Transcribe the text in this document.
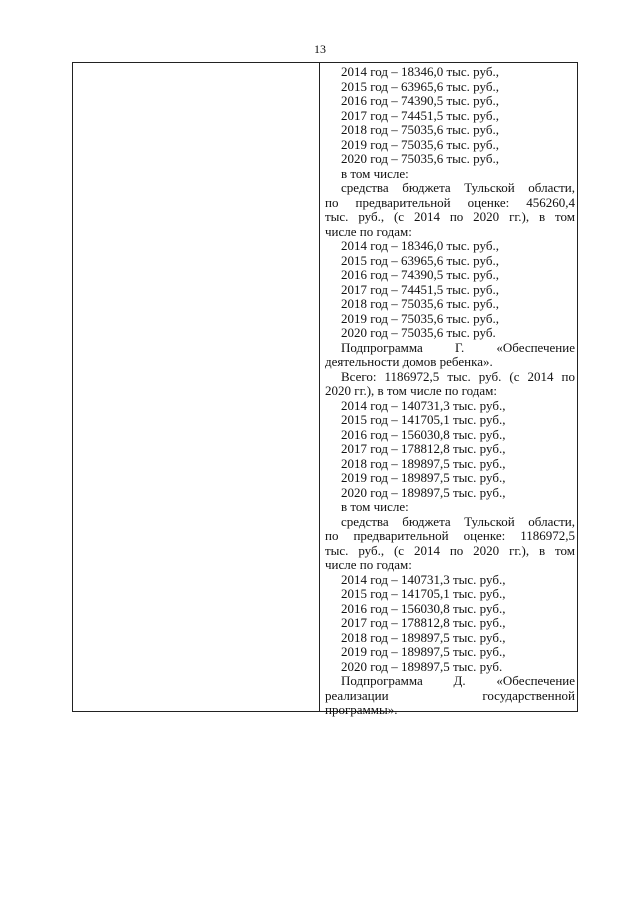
13
2014 год – 18346,0 тыс. руб.,
2015 год – 63965,6 тыс. руб.,
2016 год – 74390,5 тыс. руб.,
2017 год – 74451,5 тыс. руб.,
2018 год – 75035,6 тыс. руб.,
2019 год – 75035,6 тыс. руб.,
2020 год – 75035,6 тыс. руб.,
в том числе:
средства бюджета Тульской области,
по предварительной оценке: 456260,4
тыс. руб., (с 2014 по 2020 гг.), в том
числе по годам:
2014 год – 18346,0 тыс. руб.,
2015 год – 63965,6 тыс. руб.,
2016 год – 74390,5 тыс. руб.,
2017 год – 74451,5 тыс. руб.,
2018 год – 75035,6 тыс. руб.,
2019 год – 75035,6 тыс. руб.,
2020 год – 75035,6 тыс. руб.
Подпрограмма Г. «Обеспечение
деятельности домов ребенка».
Всего: 1186972,5 тыс. руб. (с 2014 по
2020 гг.), в том числе по годам:
2014 год – 140731,3 тыс. руб.,
2015 год – 141705,1 тыс. руб.,
2016 год – 156030,8 тыс. руб.,
2017 год – 178812,8 тыс. руб.,
2018 год – 189897,5 тыс. руб.,
2019 год – 189897,5 тыс. руб.,
2020 год – 189897,5 тыс. руб.,
в том числе:
средства бюджета Тульской области,
по предварительной оценке: 1186972,5
тыс. руб., (с 2014 по 2020 гг.), в том
числе по годам:
2014 год – 140731,3 тыс. руб.,
2015 год – 141705,1 тыс. руб.,
2016 год – 156030,8 тыс. руб.,
2017 год – 178812,8 тыс. руб.,
2018 год – 189897,5 тыс. руб.,
2019 год – 189897,5 тыс. руб.,
2020 год – 189897,5 тыс. руб.
Подпрограмма Д. «Обеспечение
реализации государственной
программы».
